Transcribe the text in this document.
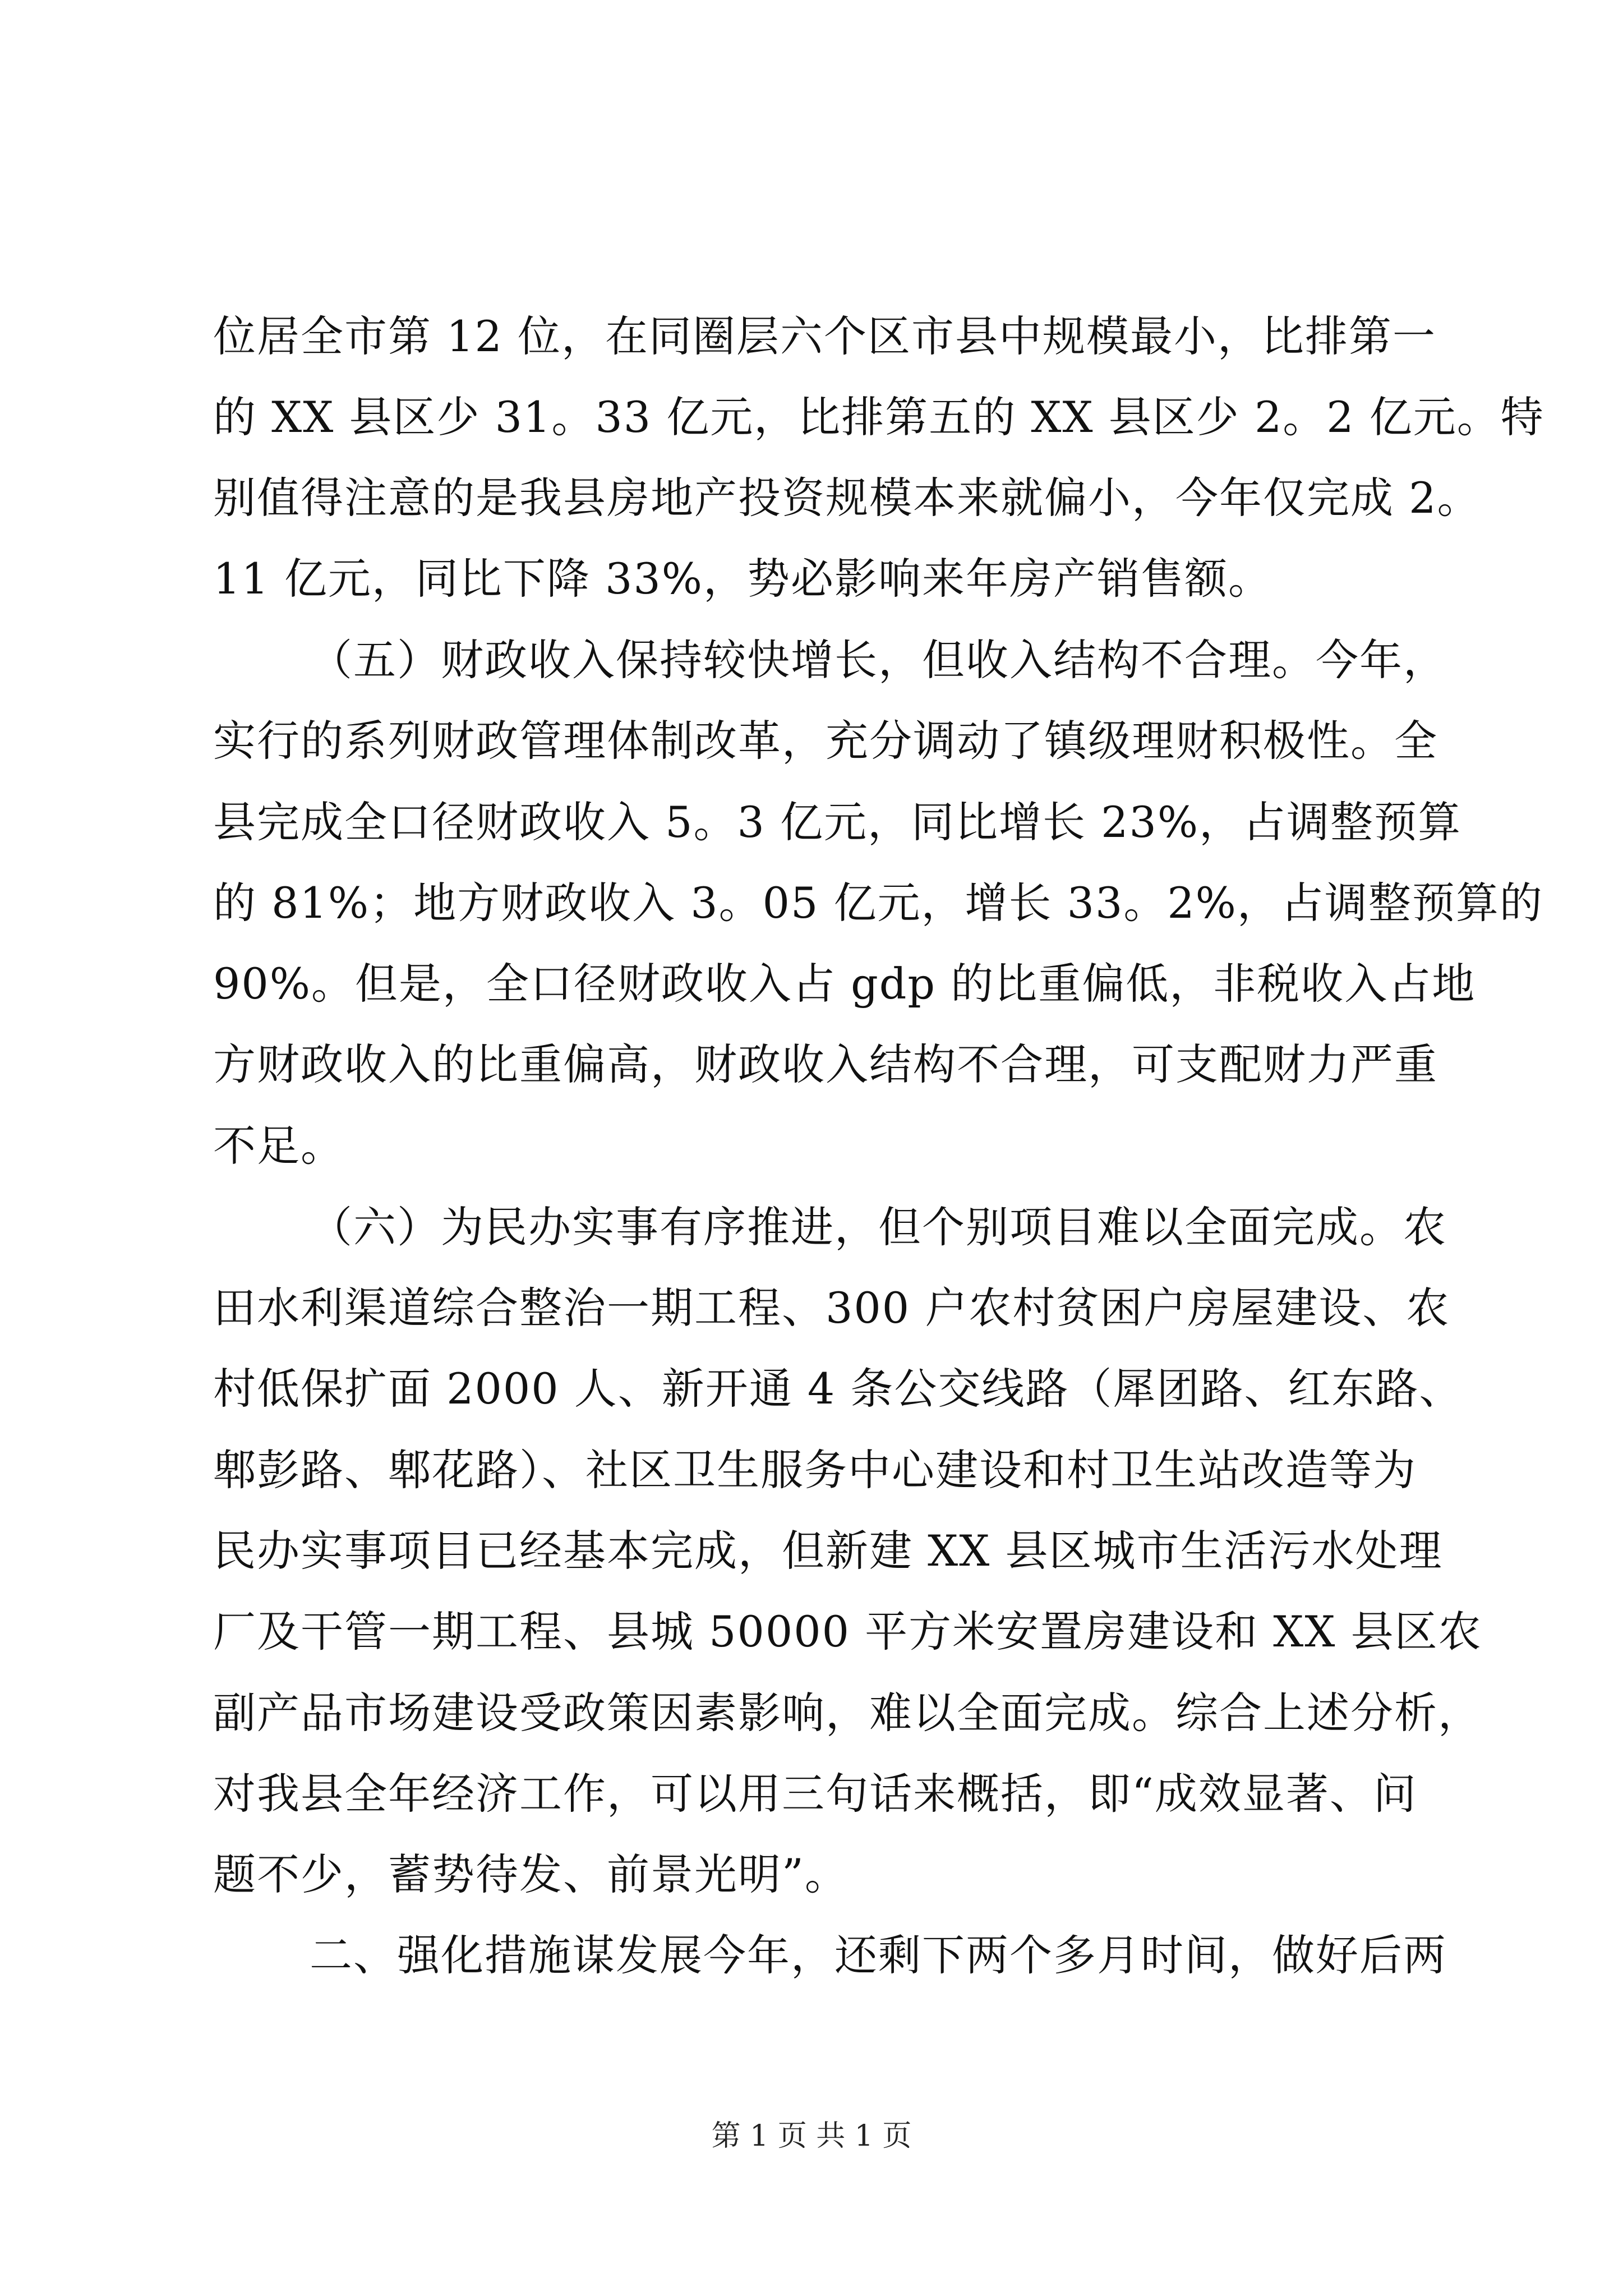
位居全市第 12 位，在同圈层六个区市县中规模最小，比排第一
的 XX 县区少 31。33 亿元，比排第五的 XX 县区少 2。2 亿元。特
别值得注意的是我县房地产投资规模本来就偏小，今年仅完成 2。
11 亿元，同比下降 33%，势必影响来年房产销售额。
（五）财政收入保持较快增长，但收入结构不合理。今年，
实行的系列财政管理体制改革，充分调动了镇级理财积极性。全
县完成全口径财政收入 5。3 亿元，同比增长 23%，占调整预算
的 81%；地方财政收入 3。05 亿元，增长 33。2%，占调整预算的
90%。但是，全口径财政收入占 gdp 的比重偏低，非税收入占地
方财政收入的比重偏高，财政收入结构不合理，可支配财力严重
不足。
（六）为民办实事有序推进，但个别项目难以全面完成。农
田水利渠道综合整治一期工程、300 户农村贫困户房屋建设、农
村低保扩面 2000 人、新开通 4 条公交线路（犀团路、红东路、
郫彭路、郫花路）、社区卫生服务中心建设和村卫生站改造等为
民办实事项目已经基本完成，但新建 XX 县区城市生活污水处理
厂及干管一期工程、县城 50000 平方米安置房建设和 XX 县区农
副产品市场建设受政策因素影响，难以全面完成。综合上述分析，
对我县全年经济工作，可以用三句话来概括，即“成效显著、问
题不少，蓄势待发、前景光明”。
二、强化措施谋发展今年，还剩下两个多月时间，做好后两
第 1 页 共 1 页
